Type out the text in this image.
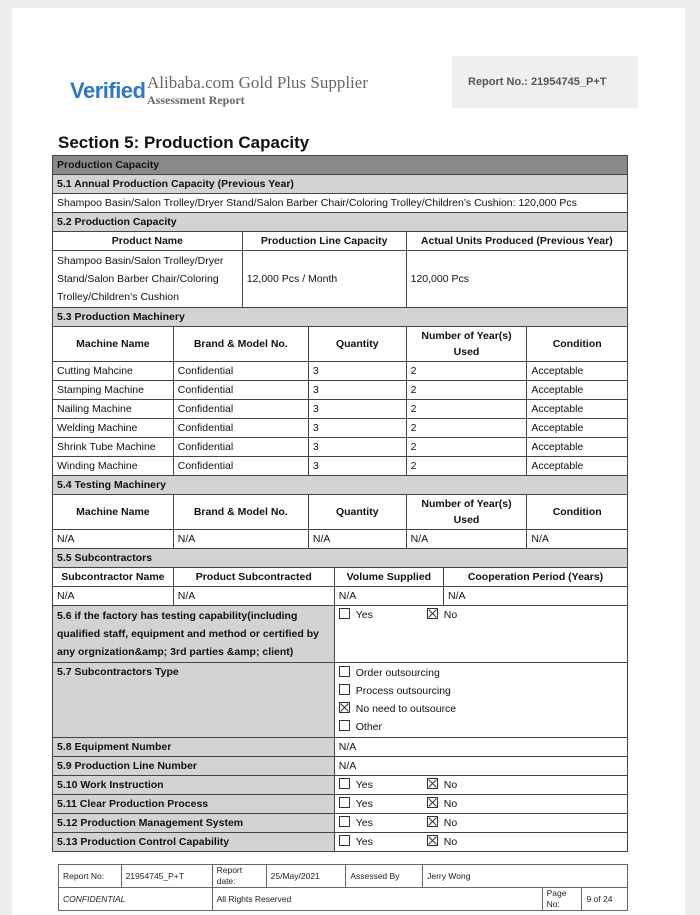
Verified Alibaba.com Gold Plus Supplier
Assessment Report
Report No.: 21954745_P+T
Section 5: Production Capacity
Production Capacity							
5.1 Annual Production Capacity (Previous Year)							
Shampoo Basin/Salon Trolley/Dryer Stand/Salon Barber Chair/Coloring Trolley/Children’s Cushion: 120,000 Pcs							
5.2 Production Capacity							
Product Name		Production Line Capacity			Actual Units Produced (Previous Year)		
Shampoo Basin/Salon Trolley/Dryer Stand/Salon Barber Chair/Coloring Trolley/Children’s Cushion		12,000 Pcs / Month			120,000 Pcs		
5.3 Production Machinery							
Machine Name	Brand & Model No.		Quantity		Number of Year(s) Used		Condition
Cutting Mahcine	Confidential		3		2		Acceptable
Stamping Machine	Confidential		3		2		Acceptable
Nailing Machine	Confidential		3		2		Acceptable
Welding Machine	Confidential		3		2		Acceptable
Shrink Tube Machine	Confidential		3		2		Acceptable
Winding Machine	Confidential		3		2		Acceptable
5.4 Testing Machinery							
Machine Name	Brand & Model No.		Quantity		Number of Year(s) Used		Condition
N/A	N/A		N/A		N/A		N/A
5.5 Subcontractors							
Subcontractor Name	Product Subcontracted			Volume Supplied		Cooperation Period (Years)	
N/A	N/A			N/A		N/A	
5.6 if the factory has testing capability(including qualified staff, equipment and method or certified by any orgnization&amp; 3rd parties &amp; client)				Yes No			
5.7 Subcontractors Type				Order outsourcing
Process outsourcing
No need to outsource
Other			

5.8 Equipment Number				N/A			
5.9 Production Line Number				N/A			
5.10 Work Instruction				Yes No			
5.11 Clear Production Process				Yes No			
5.12 Production Management System				Yes No			
5.13 Production Control Capability				Yes No			
Report No:	21954745_P+T	Report date:	25/May/2021	Assessed By	Jerry Wong		
CONFIDENTIAL		All Rights Reserved				Page No:	9 of 24
